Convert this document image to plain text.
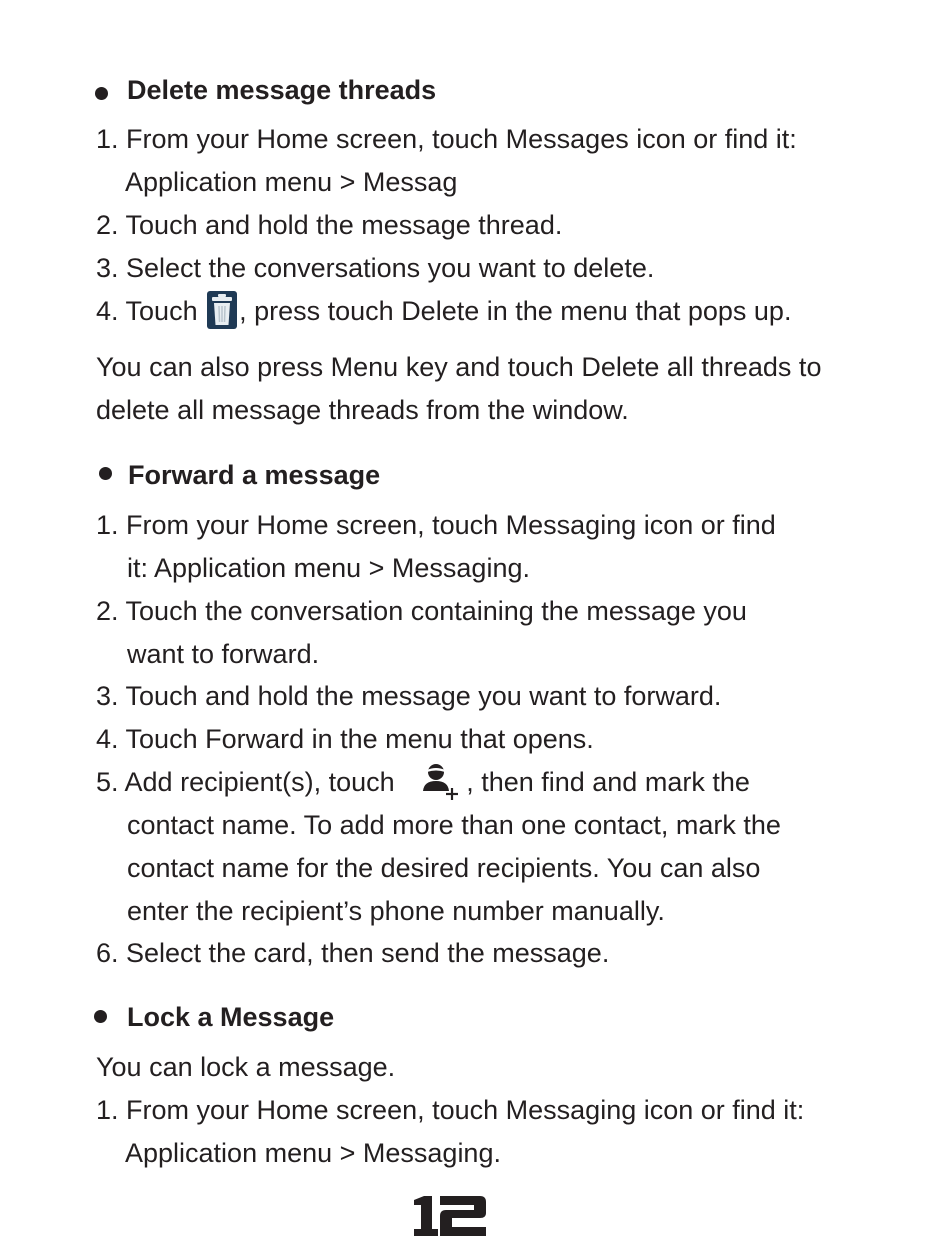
Delete message threads
1. From your Home screen, touch Messages icon or find it:
Application menu > Messag
2. Touch and hold the message thread.
3. Select the conversations you want to delete.
4. Touch , press touch Delete in the menu that pops up.
You can also press Menu key and touch Delete all threads to
delete all message threads from the window.
Forward a message
1. From your Home screen, touch Messaging icon or find
it: Application menu > Messaging.
2. Touch the conversation containing the message you
want to forward.
3. Touch and hold the message you want to forward.
4. Touch Forward in the menu that opens.
5. Add recipient(s), touch	, then find and mark the
contact name. To add more than one contact, mark the
contact name for the desired recipients. You can also
enter the recipient’s phone number manually.
6. Select the card, then send the message.
Lock a Message
You can lock a message.
1. From your Home screen, touch Messaging icon or find it:
Application menu > Messaging.
